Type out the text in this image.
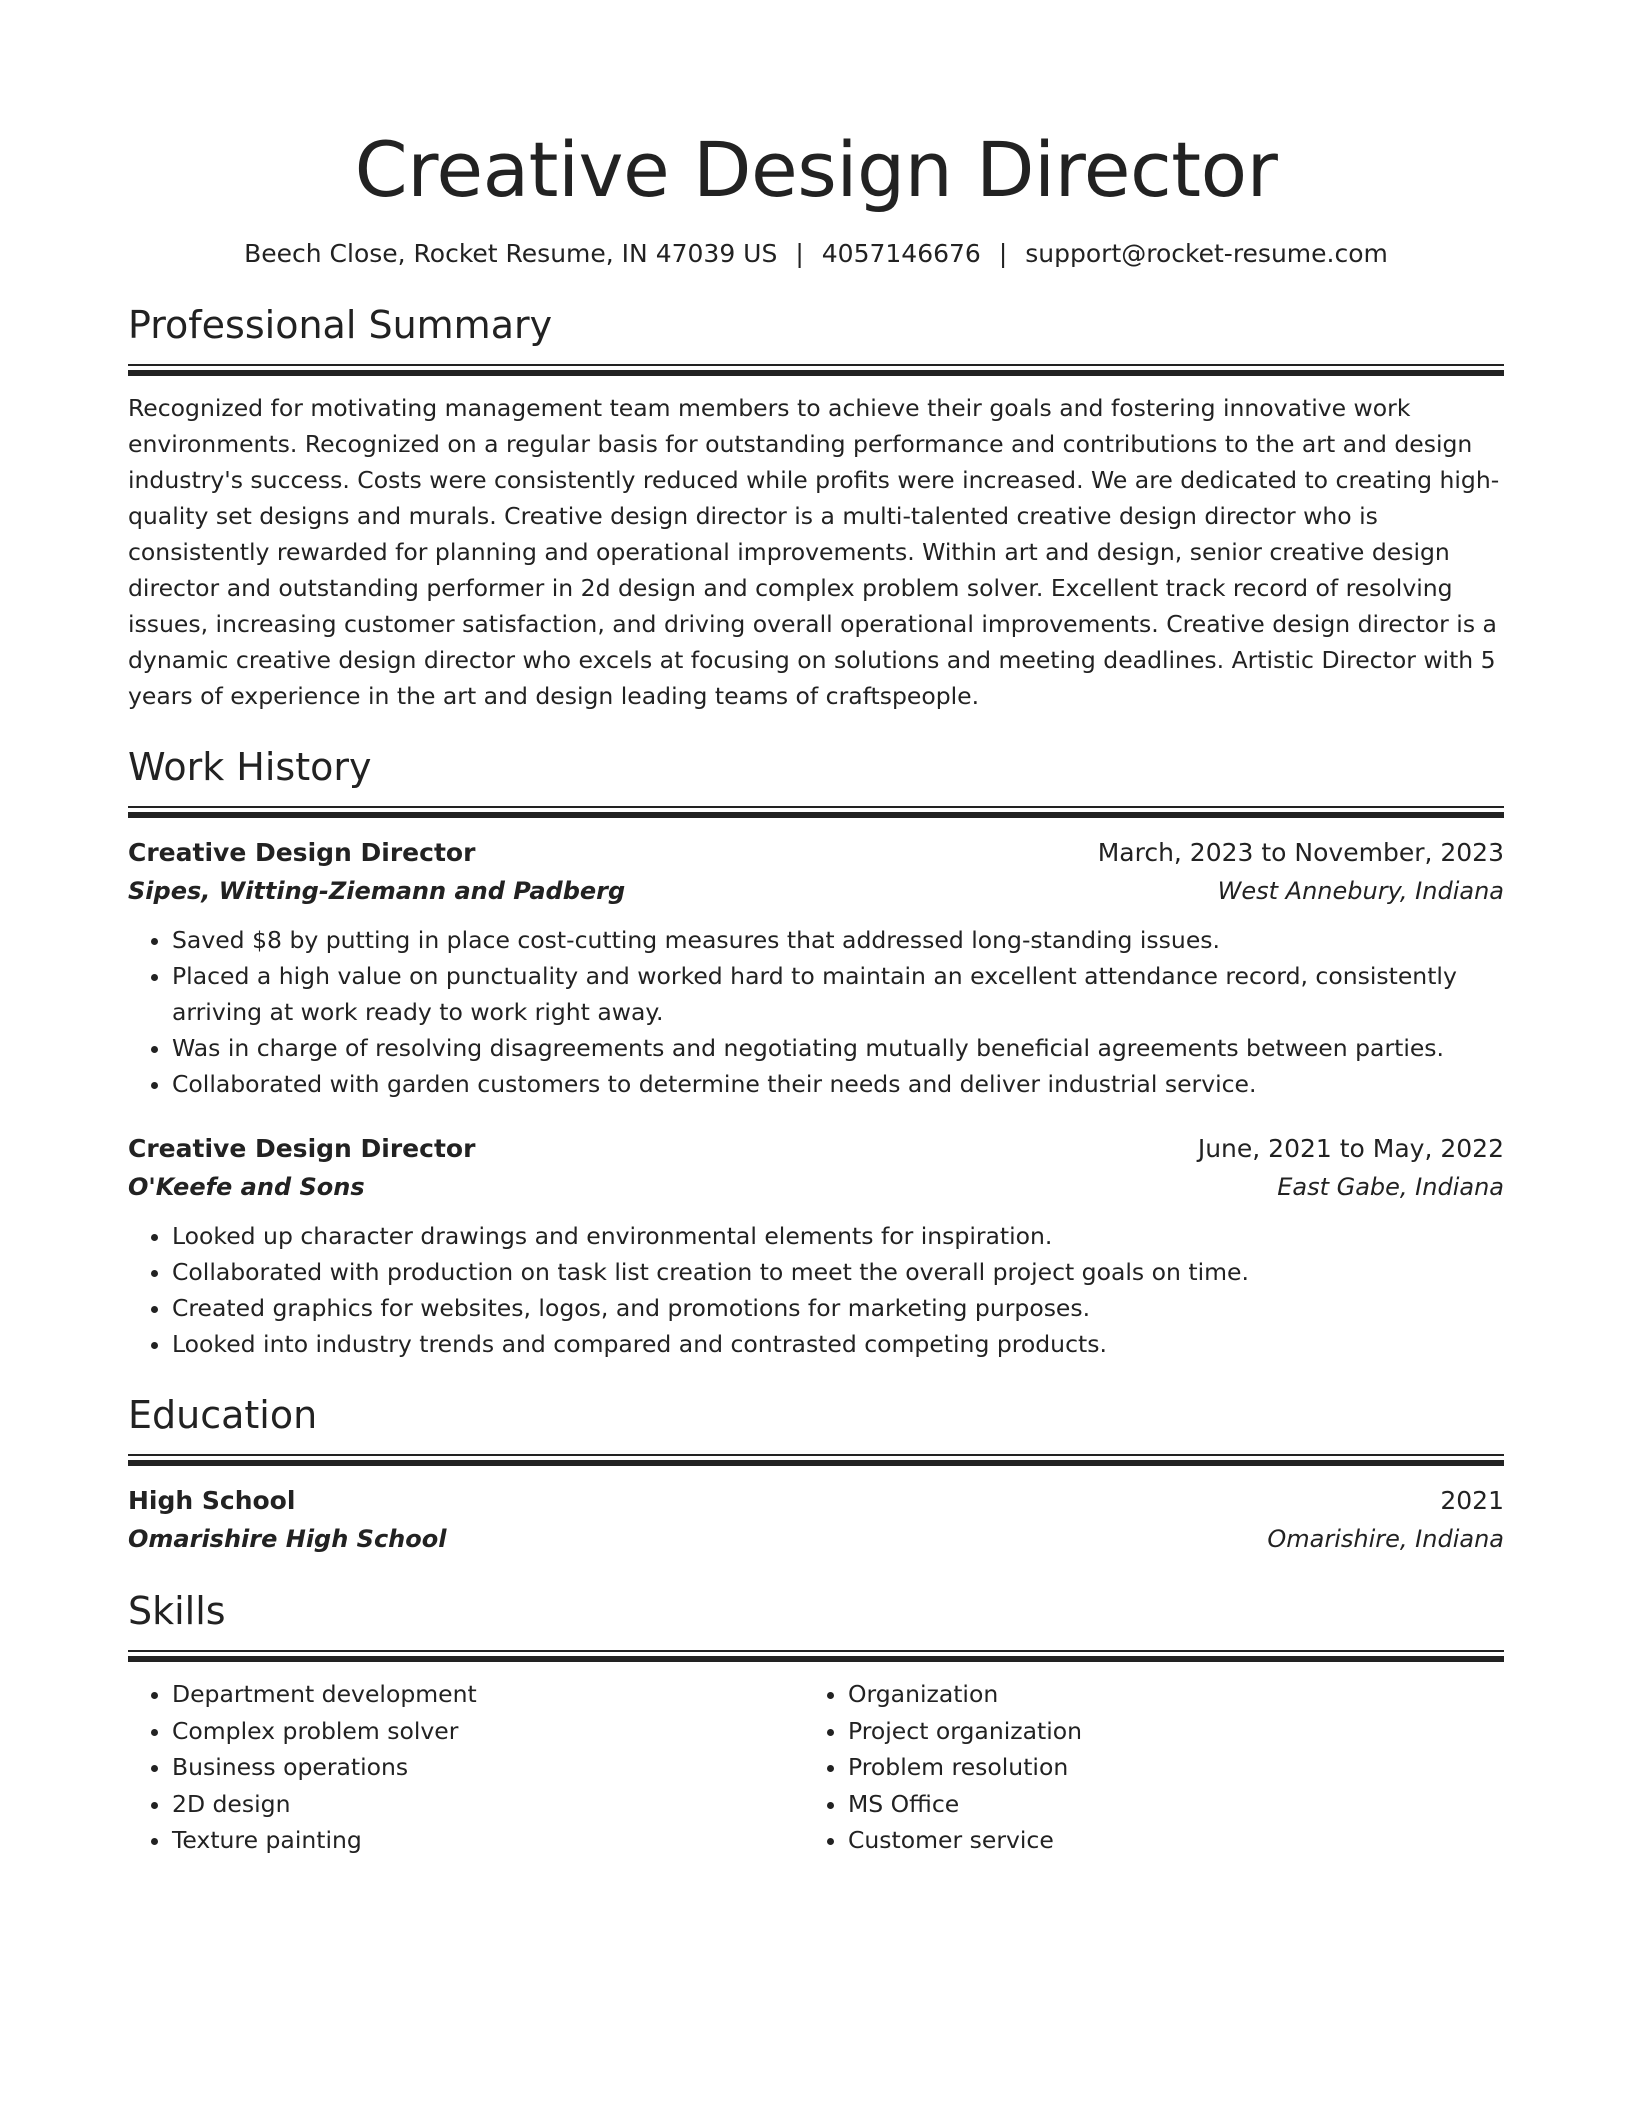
Creative Design Director
Beech Close, Rocket Resume, IN 47039 US | 4057146676 | support@rocket-resume.com
Professional Summary
Recognized for motivating management team members to achieve their goals and fostering innovative work environments. Recognized on a regular basis for outstanding performance and contributions to the art and design industry's success. Costs were consistently reduced while profits were increased. We are dedicated to creating high-quality set designs and murals. Creative design director is a multi-talented creative design director who is consistently rewarded for planning and operational improvements. Within art and design, senior creative design director and outstanding performer in 2d design and complex problem solver. Excellent track record of resolving issues, increasing customer satisfaction, and driving overall operational improvements. Creative design director is a dynamic creative design director who excels at focusing on solutions and meeting deadlines. Artistic Director with 5 years of experience in the art and design leading teams of craftspeople.
Work History
Creative Design Director	March, 2023 to November, 2023
Sipes, Witting-Ziemann and Padberg	West Annebury, Indiana
• Saved $8 by putting in place cost-cutting measures that addressed long-standing issues.
• Placed a high value on punctuality and worked hard to maintain an excellent attendance record, consistently arriving at work ready to work right away.
• Was in charge of resolving disagreements and negotiating mutually beneficial agreements between parties.
• Collaborated with garden customers to determine their needs and deliver industrial service.
Creative Design Director	June, 2021 to May, 2022
O'Keefe and Sons	East Gabe, Indiana
• Looked up character drawings and environmental elements for inspiration.
• Collaborated with production on task list creation to meet the overall project goals on time.
• Created graphics for websites, logos, and promotions for marketing purposes.
• Looked into industry trends and compared and contrasted competing products.
Education
High School	2021
Omarishire High School	Omarishire, Indiana
Skills
• Department development
• Complex problem solver
• Business operations
• 2D design
• Texture painting
• Organization
• Project organization
• Problem resolution
• MS Office
• Customer service
